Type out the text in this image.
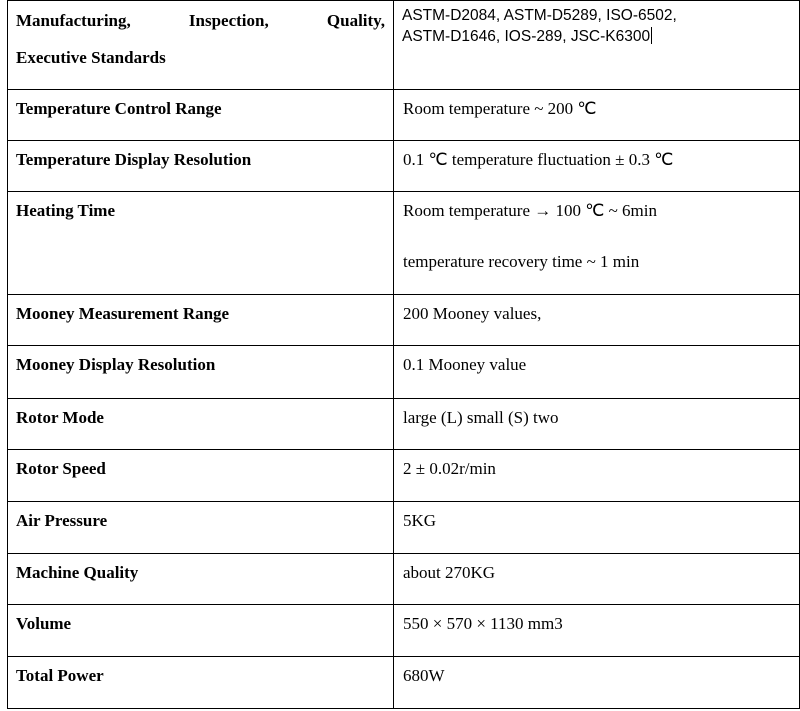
Manufacturing, Inspection, Quality,
Executive Standards	ASTM-D2084, ASTM-D5289, ISO-6502,
ASTM-D1646, IOS-289, JSC-K6300

Temperature Control Range	Room temperature ~ 200 ℃
Temperature Display Resolution	0.1 ℃ temperature fluctuation ± 0.3 ℃
Heating Time	Room temperature → 100 ℃ ~ 6min
temperature recovery time ~ 1 min

Mooney Measurement Range	200 Mooney values,
Mooney Display Resolution	0.1 Mooney value
Rotor Mode	large (L) small (S) two
Rotor Speed	2 ± 0.02r/min
Air Pressure	5KG
Machine Quality	about 270KG
Volume	550 × 570 × 1130 mm3
Total Power	680W
